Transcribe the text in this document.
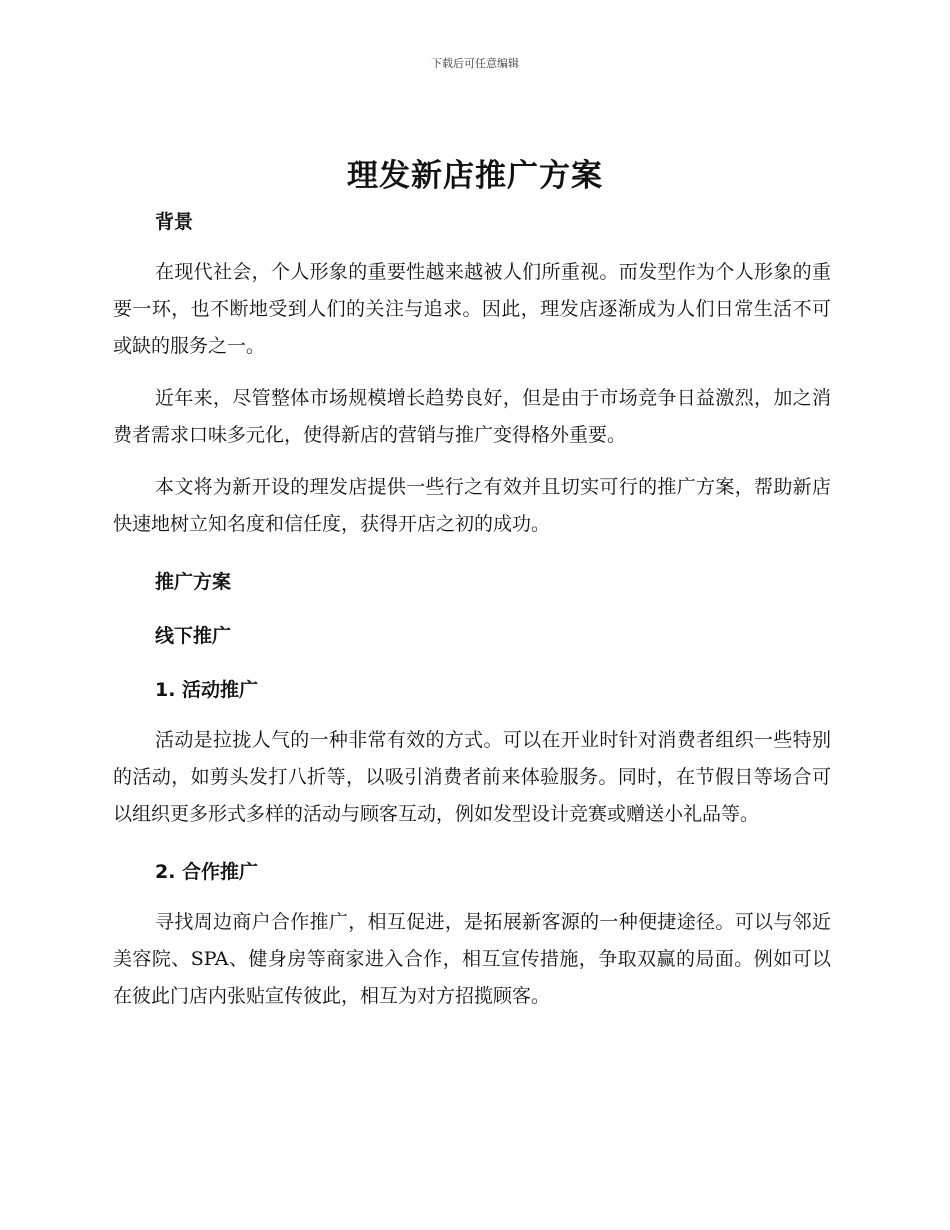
下载后可任意编辑
理发新店推广方案
背景

在现代社会，个人形象的重要性越来越被人们所重视。而发型作为个人形象的重要一环，也不断地受到人们的关注与追求。因此，理发店逐渐成为人们日常生活不可或缺的服务之一。

近年来，尽管整体市场规模增长趋势良好，但是由于市场竞争日益激烈，加之消费者需求口味多元化，使得新店的营销与推广变得格外重要。

本文将为新开设的理发店提供一些行之有效并且切实可行的推广方案，帮助新店快速地树立知名度和信任度，获得开店之初的成功。

推广方案
线下推广
1. 活动推广

活动是拉拢人气的一种非常有效的方式。可以在开业时针对消费者组织一些特别的活动，如剪头发打八折等，以吸引消费者前来体验服务。同时，在节假日等场合可以组织更多形式多样的活动与顾客互动，例如发型设计竞赛或赠送小礼品等。

2. 合作推广

寻找周边商户合作推广，相互促进，是拓展新客源的一种便捷途径。可以与邻近美容院、SPA、健身房等商家进入合作，相互宣传措施，争取双赢的局面。例如可以在彼此门店内张贴宣传彼此，相互为对方招揽顾客。
